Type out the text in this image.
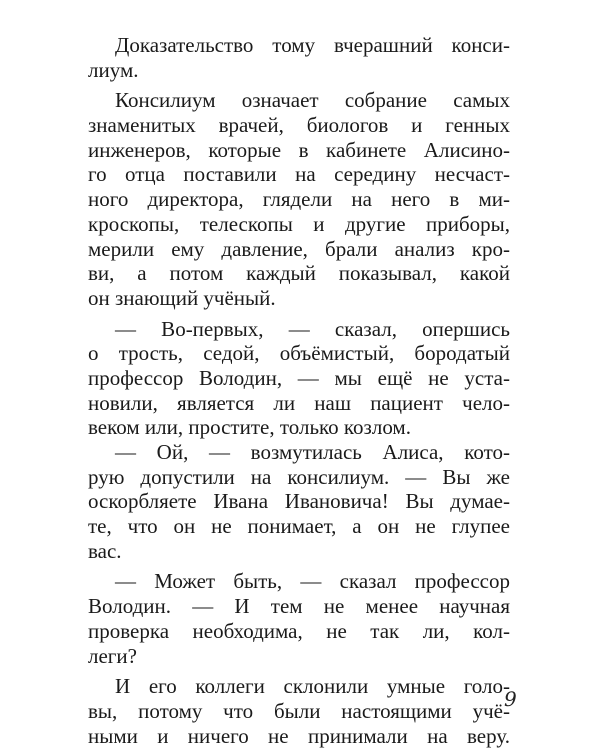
Доказательство тому вчерашний конси-
лиум.
Консилиум означает собрание самых
знаменитых врачей, биологов и генных
инженеров, которые в кабинете Алисино-
го отца поставили на середину несчаст-
ного директора, глядели на него в ми-
кроскопы, телескопы и другие приборы,
мерили ему давление, брали анализ кро-
ви, а потом каждый показывал, какой
он знающий учёный.
— Во-первых, — сказал, опершись
о трость, седой, объёмистый, бородатый
профессор Володин, — мы ещё не уста-
новили, является ли наш пациент чело-
веком или, простите, только козлом.
— Ой, — возмутилась Алиса, кото-
рую допустили на консилиум. — Вы же
оскорбляете Ивана Ивановича! Вы думае-
те, что он не понимает, а он не глупее
вас.
— Может быть, — сказал профессор
Володин. — И тем не менее научная
проверка необходима, не так ли, кол-
леги?
И его коллеги склонили умные голо-
вы, потому что были настоящими учё-
ными и ничего не принимали на веру.
9
